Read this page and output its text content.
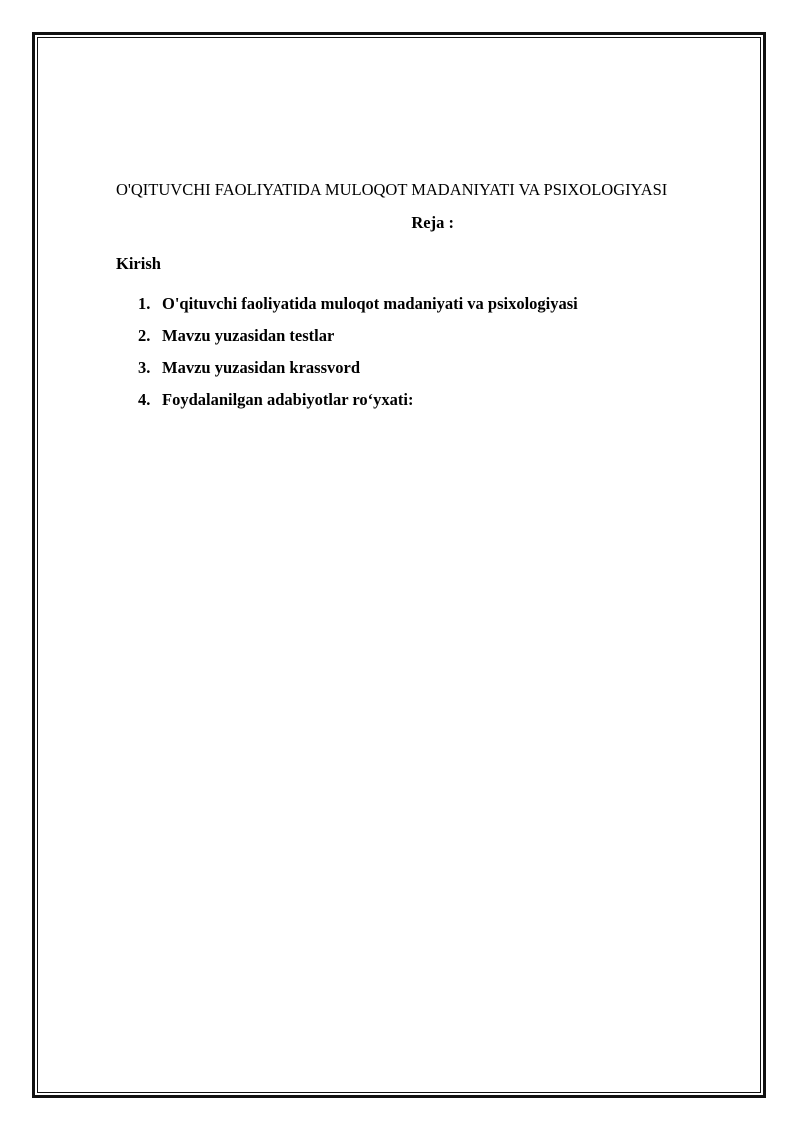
O'QITUVCHI FAOLIYATIDA MULOQOT MADANIYATI VA PSIXOLOGIYASI
Reja :
Kirish
1. O'qituvchi faoliyatida muloqot madaniyati va psixologiyasi
2. Mavzu yuzasidan testlar
3. Mavzu yuzasidan krassvord
4. Foydalanilgan adabiyotlar ro‘yxati:
